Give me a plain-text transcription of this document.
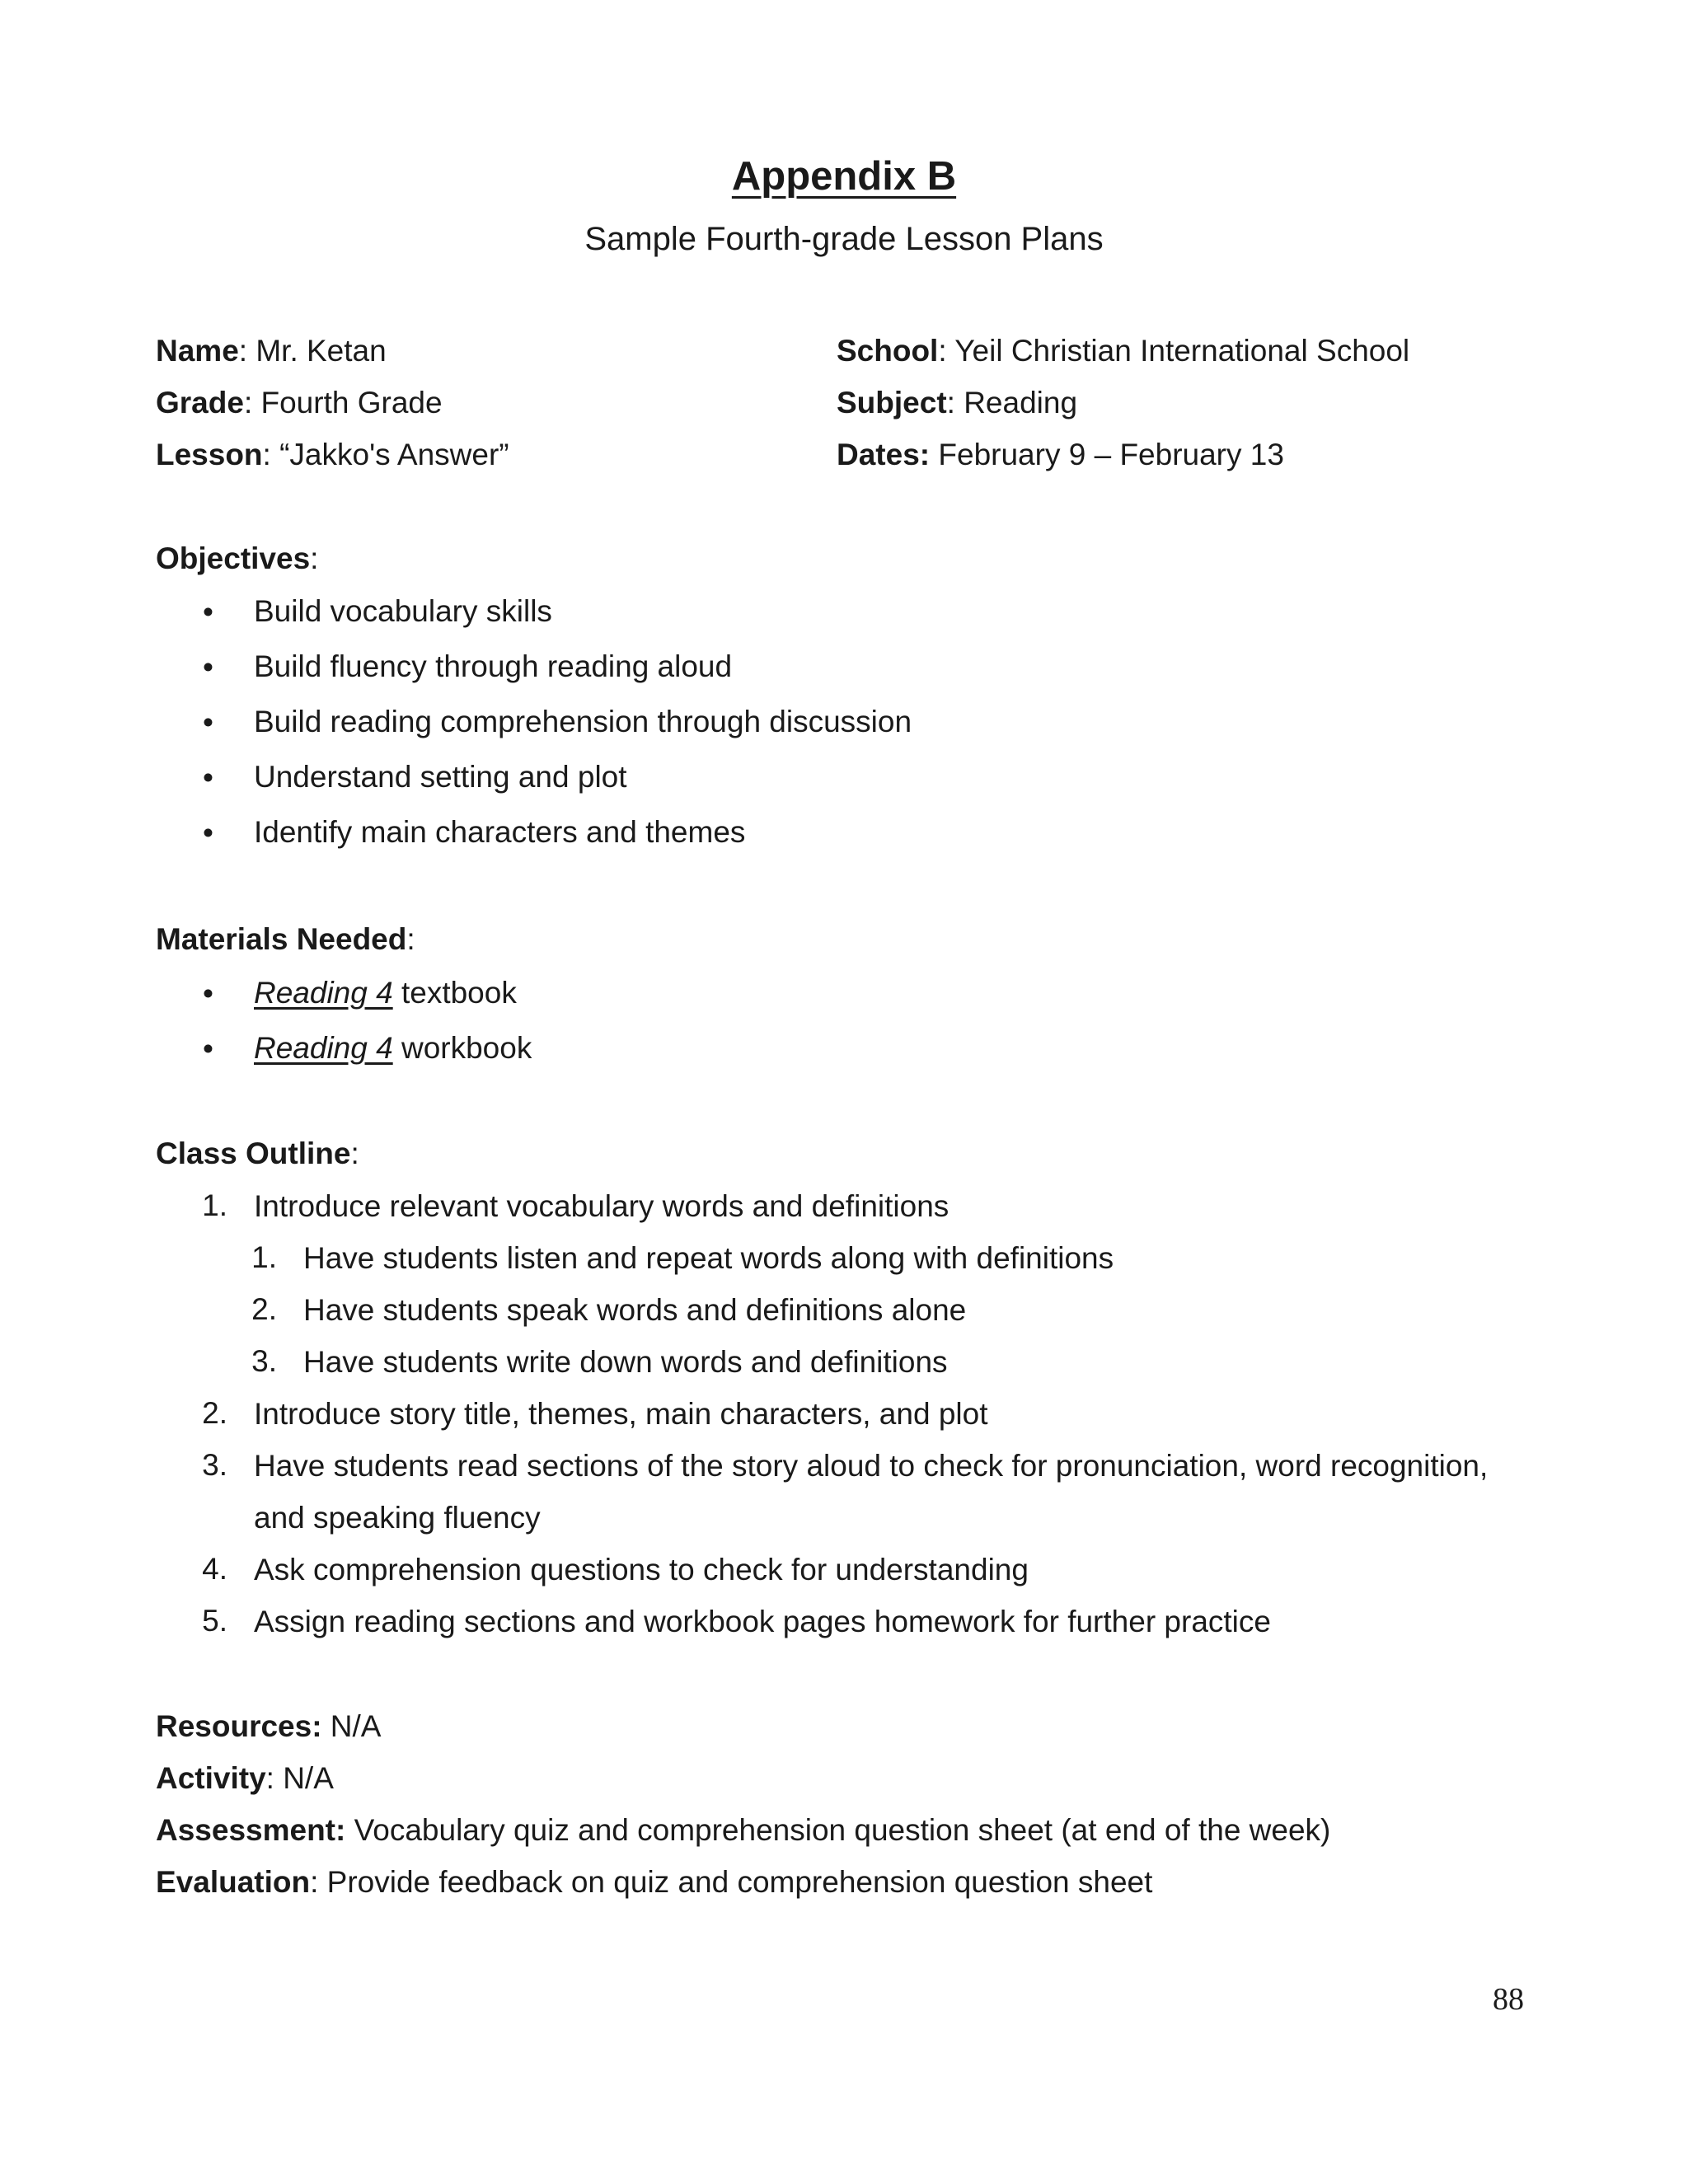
Appendix B
Sample Fourth-grade Lesson Plans
Name: Mr. Ketan
Grade: Fourth Grade
Lesson: “Jakko's Answer”
School: Yeil Christian International School
Subject: Reading
Dates: February 9 – February 13
Objectives:
• Build vocabulary skills
• Build fluency through reading aloud
• Build reading comprehension through discussion
• Understand setting and plot
• Identify main characters and themes
Materials Needed:
• Reading 4 textbook
• Reading 4 workbook
Class Outline:
1. Introduce relevant vocabulary words and definitions
1. Have students listen and repeat words along with definitions
2. Have students speak words and definitions alone
3. Have students write down words and definitions
2. Introduce story title, themes, main characters, and plot
3. Have students read sections of the story aloud to check for pronunciation, word recognition,
and speaking fluency
4. Ask comprehension questions to check for understanding
5. Assign reading sections and workbook pages homework for further practice
Resources: N/A
Activity: N/A
Assessment: Vocabulary quiz and comprehension question sheet (at end of the week)
Evaluation: Provide feedback on quiz and comprehension question sheet
88
